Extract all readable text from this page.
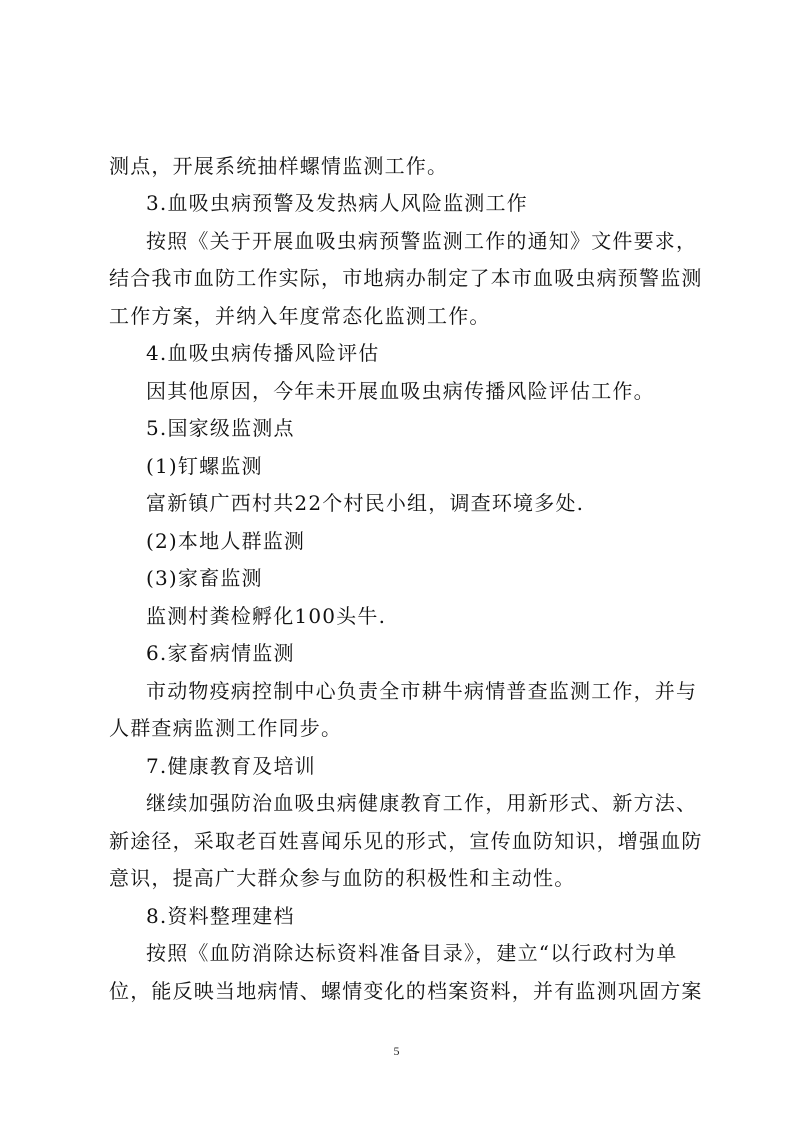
测点，开展系统抽样螺情监测工作。
3.血吸虫病预警及发热病人风险监测工作
按照《关于开展血吸虫病预警监测工作的通知》文件要求，
结合我市血防工作实际，市地病办制定了本市血吸虫病预警监测
工作方案，并纳入年度常态化监测工作。
4.血吸虫病传播风险评估
因其他原因，今年未开展血吸虫病传播风险评估工作。
5.国家级监测点
(1)钉螺监测
富新镇广西村共22个村民小组，调查环境多处.
(2)本地人群监测
(3)家畜监测
监测村粪检孵化100头牛.
6.家畜病情监测
市动物疫病控制中心负责全市耕牛病情普查监测工作，并与
人群查病监测工作同步。
7.健康教育及培训
继续加强防治血吸虫病健康教育工作，用新形式、新方法、
新途径，采取老百姓喜闻乐见的形式，宣传血防知识，增强血防
意识，提高广大群众参与血防的积极性和主动性。
8.资料整理建档
按照《血防消除达标资料准备目录》，建立“以行政村为单
位，能反映当地病情、螺情变化的档案资料，并有监测巩固方案
5
